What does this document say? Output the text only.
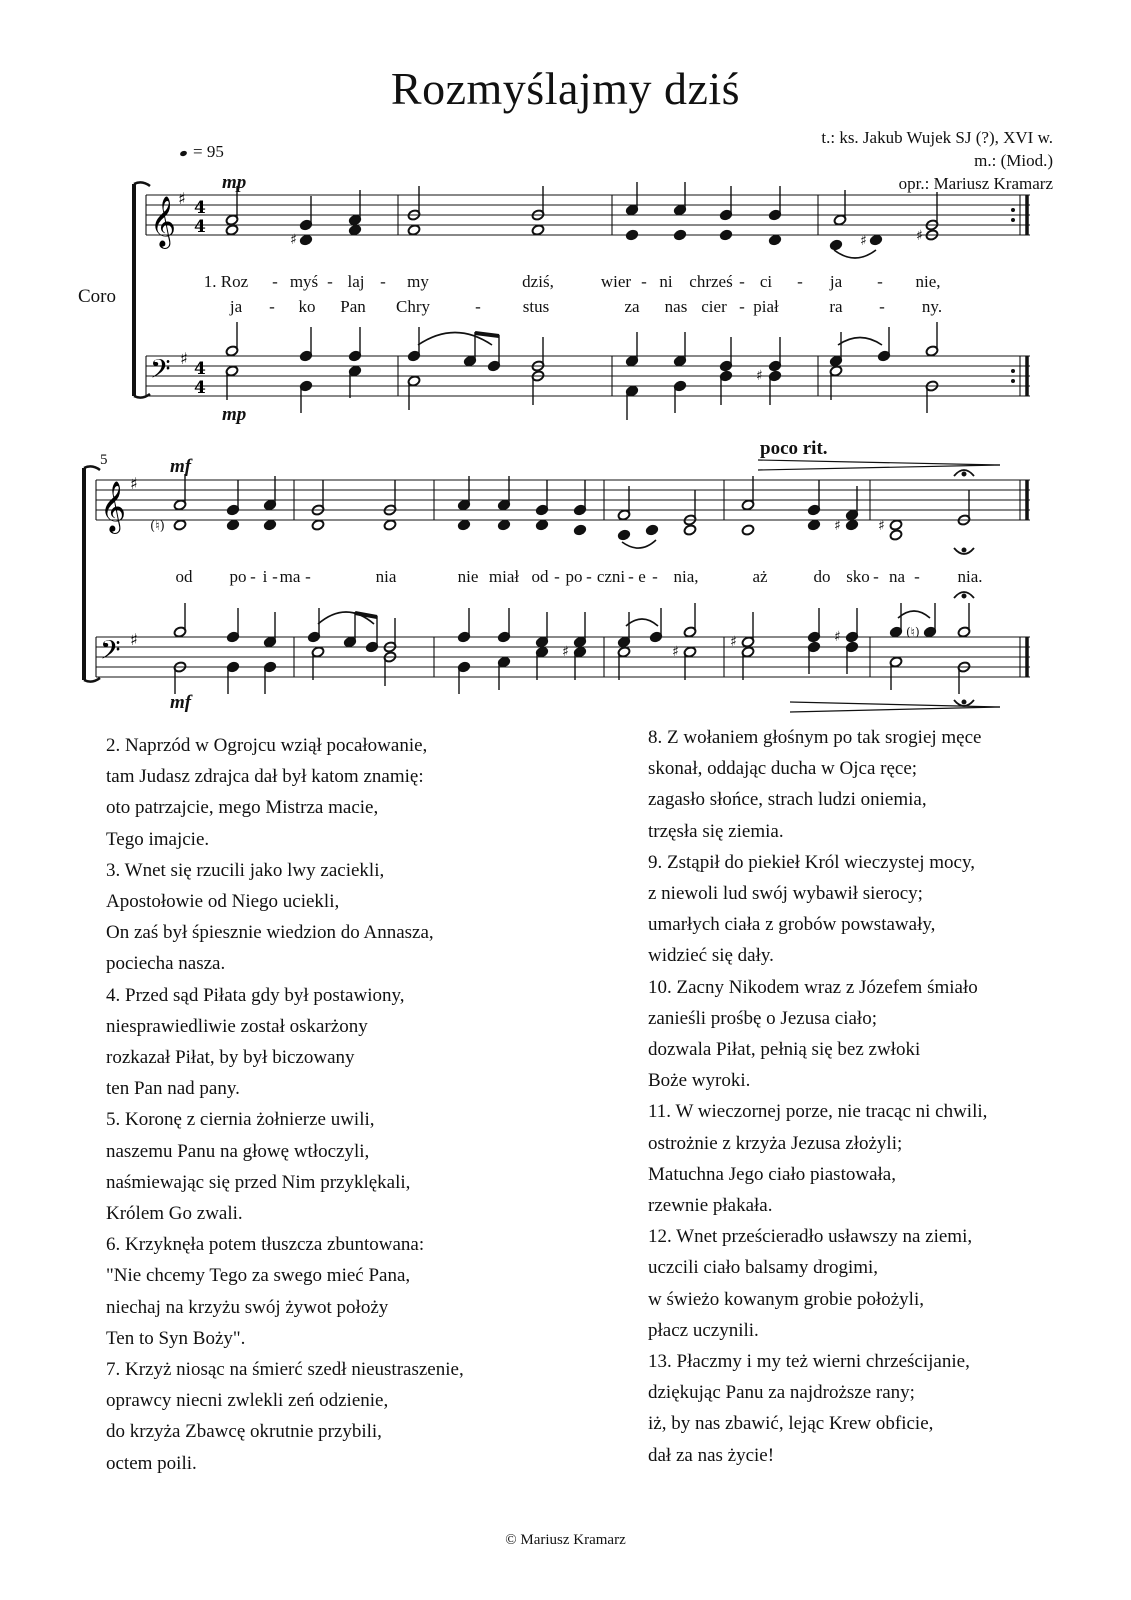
Rozmyślajmy dziś
t.: ks. Jakub Wujek SJ (?), XVI w.
m.: (Miod.)
opr.: Mariusz Kramarz
= 95
Coro
5
mp
mp
mf
mf
poco rit.
1. Roz - myś - laj - my	dziś,	wier - ni chrześ - ci - ja - nie,
ja - ko Pan Chry	- stus	za nas cier - piał	ra - ny.
od po - i - ma -	nia	nie miał od - po - czni - e - nia,	aż	do sko - na - nia.
𝄞 ♯ 4
4
♯	♯	♯
𝄢 ♯
4
4
♯
𝄞 ♯
(♮)	♯	♯
𝄢 ♯
♯	♯
♯	♯	(♮)
2. Naprzód w Ogrojcu wziął pocałowanie,
tam Judasz zdrajca dał był katom znamię:
oto patrzajcie, mego Mistrza macie,
Tego imajcie.
3. Wnet się rzucili jako lwy zaciekli,
Apostołowie od Niego uciekli,
On zaś był śpiesznie wiedzion do Annasza,
pociecha nasza.
4. Przed sąd Piłata gdy był postawiony,
niesprawiedliwie został oskarżony
rozkazał Piłat, by był biczowany
ten Pan nad pany.
5. Koronę z ciernia żołnierze uwili,
naszemu Panu na głowę wtłoczyli,
naśmiewając się przed Nim przyklękali,
Królem Go zwali.
6. Krzyknęła potem tłuszcza zbuntowana:
"Nie chcemy Tego za swego mieć Pana,
niechaj na krzyżu swój żywot położy
Ten to Syn Boży".
7. Krzyż niosąc na śmierć szedł nieustraszenie,
oprawcy niecni zwlekli zeń odzienie,
do krzyża Zbawcę okrutnie przybili,
octem poili.
8. Z wołaniem głośnym po tak srogiej męce
skonał, oddając ducha w Ojca ręce;
zagasło słońce, strach ludzi oniemia,
trzęsła się ziemia.
9. Zstąpił do piekieł Król wieczystej mocy,
z niewoli lud swój wybawił sierocy;
umarłych ciała z grobów powstawały,
widzieć się dały.
10. Zacny Nikodem wraz z Józefem śmiało
zanieśli prośbę o Jezusa ciało;
dozwala Piłat, pełnią się bez zwłoki
Boże wyroki.
11. W wieczornej porze, nie tracąc ni chwili,
ostrożnie z krzyża Jezusa złożyli;
Matuchna Jego ciało piastowała,
rzewnie płakała.
12. Wnet prześcieradło usławszy na ziemi,
uczcili ciało balsamy drogimi,
w świeżo kowanym grobie położyli,
płacz uczynili.
13. Płaczmy i my też wierni chrześcijanie,
dziękując Panu za najdroższe rany;
iż, by nas zbawić, lejąc Krew obficie,
dał za nas życie!
© Mariusz Kramarz
